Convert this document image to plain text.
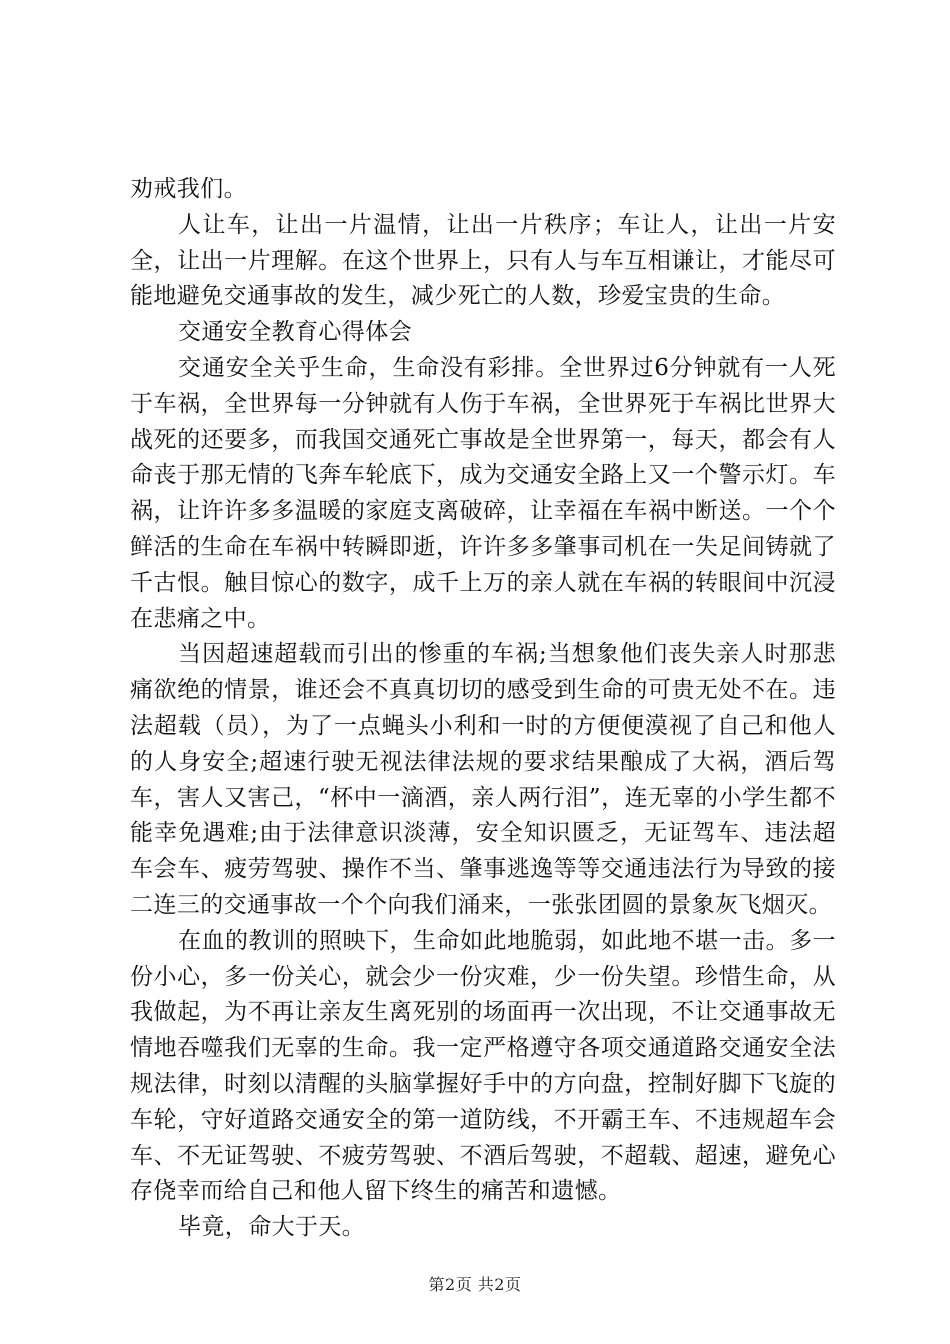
劝戒我们。

人让车，让出一片温情，让出一片秩序；车让人，让出一片安全，让出一片理解。在这个世界上，只有人与车互相谦让，才能尽可能地避免交通事故的发生，减少死亡的人数，珍爱宝贵的生命。

交通安全教育心得体会

交通安全关乎生命，生命没有彩排。全世界过6分钟就有一人死于车祸，全世界每一分钟就有人伤于车祸，全世界死于车祸比世界大战死的还要多，而我国交通死亡事故是全世界第一，每天，都会有人命丧于那无情的飞奔车轮底下，成为交通安全路上又一个警示灯。车祸，让许许多多温暖的家庭支离破碎，让幸福在车祸中断送。一个个鲜活的生命在车祸中转瞬即逝，许许多多肇事司机在一失足间铸就了千古恨。触目惊心的数字，成千上万的亲人就在车祸的转眼间中沉浸在悲痛之中。

当因超速超载而引出的惨重的车祸;当想象他们丧失亲人时那悲痛欲绝的情景，谁还会不真真切切的感受到生命的可贵无处不在。违法超载（员），为了一点蝇头小利和一时的方便便漠视了自己和他人的人身安全;超速行驶无视法律法规的要求结果酿成了大祸，酒后驾车，害人又害己，“杯中一滴酒，亲人两行泪”，连无辜的小学生都不能幸免遇难;由于法律意识淡薄，安全知识匮乏，无证驾车、违法超车会车、疲劳驾驶、操作不当、肇事逃逸等等交通违法行为导致的接二连三的交通事故一个个向我们涌来，一张张团圆的景象灰飞烟灭。

在血的教训的照映下，生命如此地脆弱，如此地不堪一击。多一份小心，多一份关心，就会少一份灾难，少一份失望。珍惜生命，从我做起，为不再让亲友生离死别的场面再一次出现，不让交通事故无情地吞噬我们无辜的生命。我一定严格遵守各项交通道路交通安全法规法律，时刻以清醒的头脑掌握好手中的方向盘，控制好脚下飞旋的车轮，守好道路交通安全的第一道防线，不开霸王车、不违规超车会车、不无证驾驶、不疲劳驾驶、不酒后驾驶，不超载、超速，避免心存侥幸而给自己和他人留下终生的痛苦和遗憾。

毕竟，命大于天。

第2页 共2页
